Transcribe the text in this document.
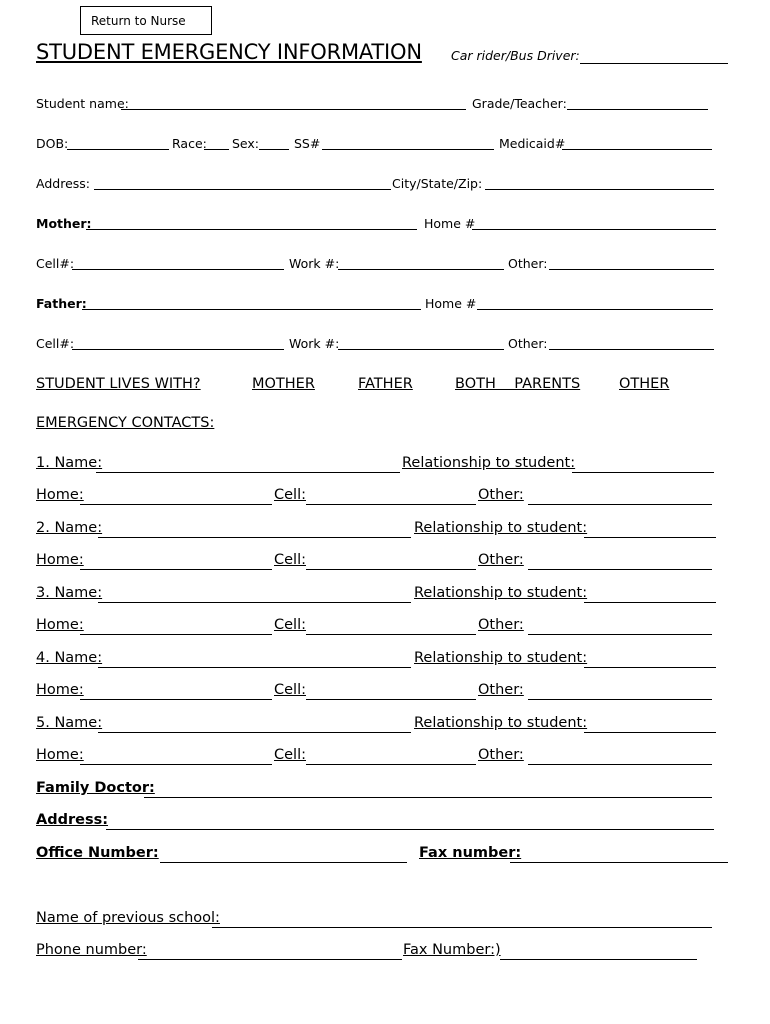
Return to Nurse
STUDENT EMERGENCY INFORMATION Car rider/Bus Driver:
Student name:	Grade/Teacher:
DOB:	Race: Sex:	SS#	Medicaid#
Address:	City/State/Zip:
Mother:	Home #
Cell#:	Work #:	Other:
Father:	Home #
Cell#:	Work #:	Other:
STUDENT LIVES WITH?	MOTHER	FATHER	BOTH    PARENTS	OTHER
EMERGENCY CONTACTS:
1. Name:	Relationship to student:
Home:	Cell:	Other:
2. Name:	Relationship to student:
Home:	Cell:	Other:
3. Name:	Relationship to student:
Home:	Cell:	Other:
4. Name:	Relationship to student:
Home:	Cell:	Other:
5. Name:	Relationship to student:
Home:	Cell:	Other:
Family Doctor:
Address:
Office Number:	Fax number:
Name of previous school:
Phone number:	Fax Number:)
